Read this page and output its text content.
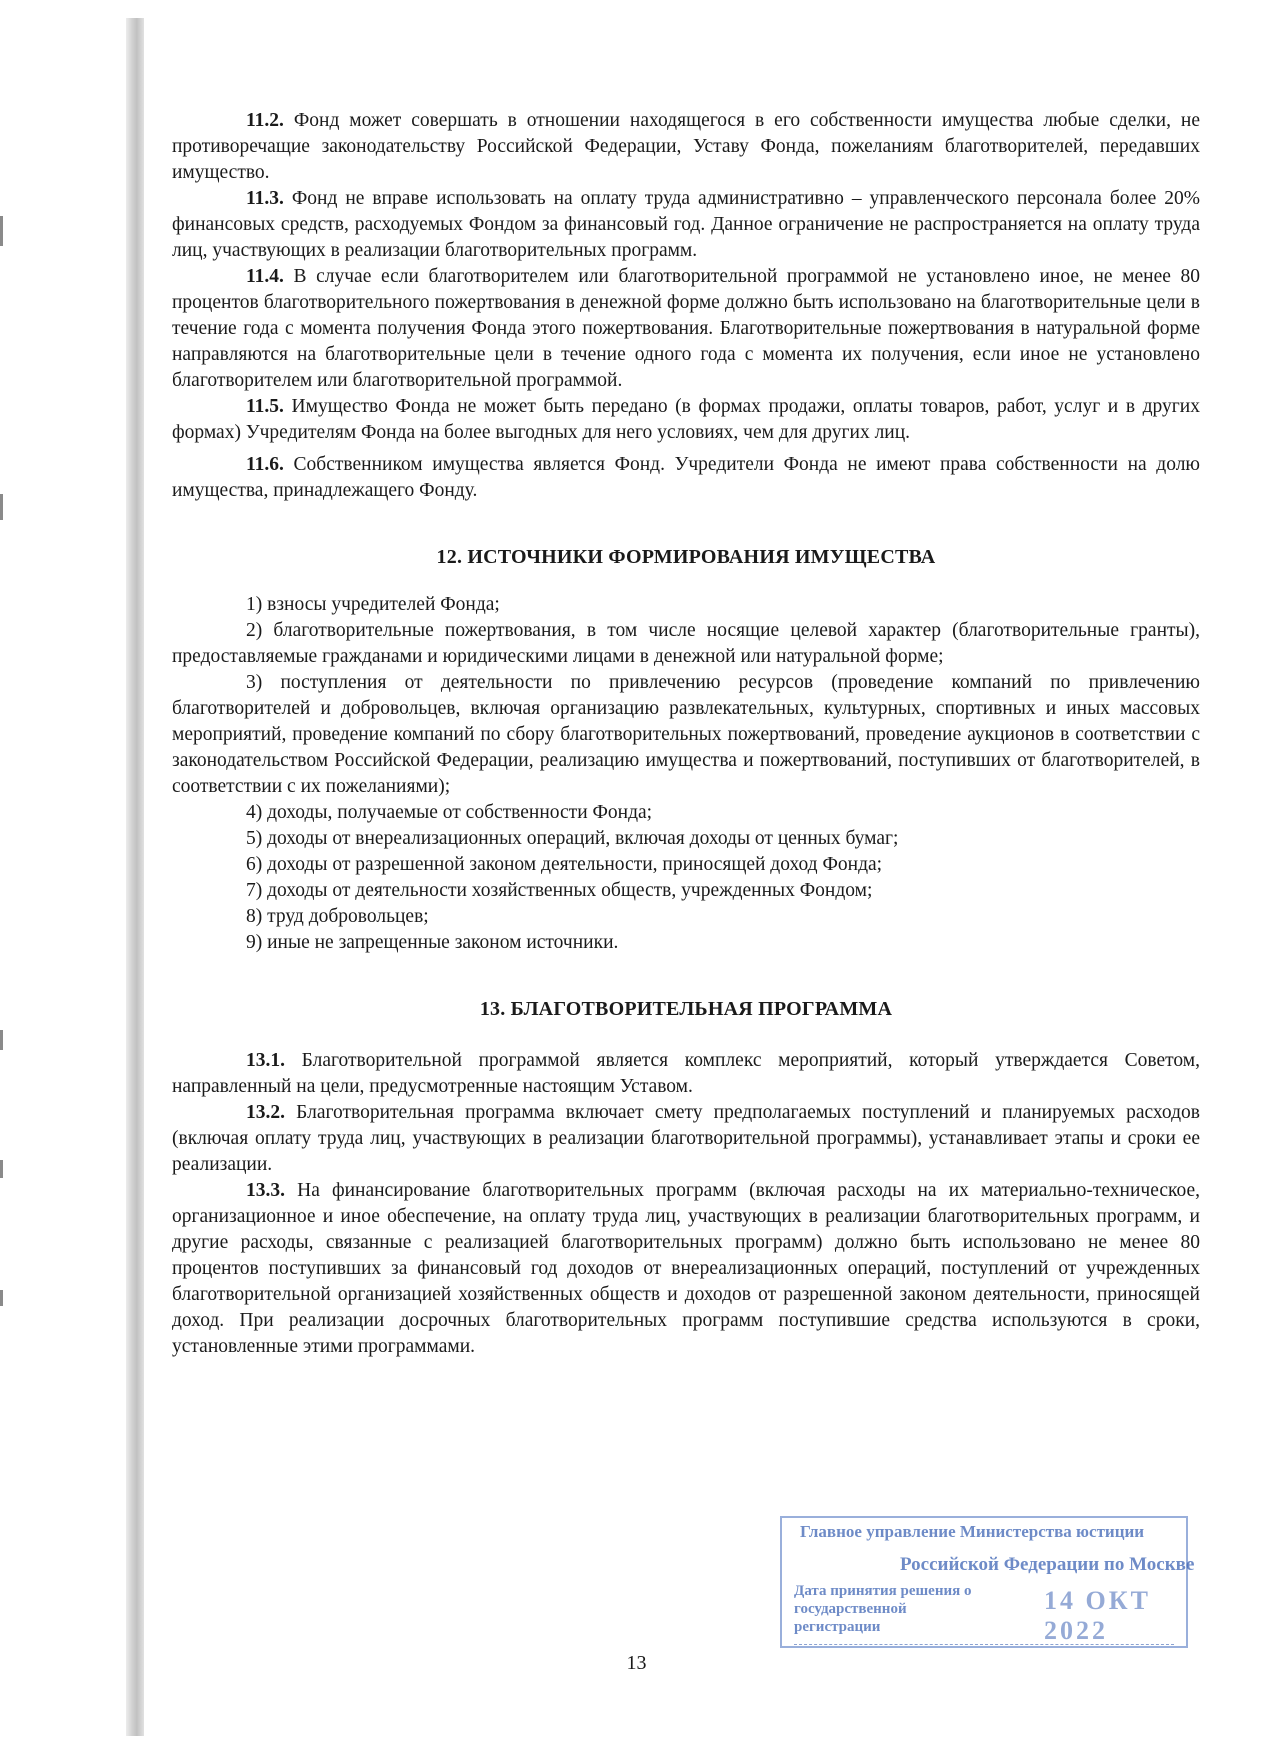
11.2. Фонд может совершать в отношении находящегося в его собственности имущества любые сделки, не противоречащие законодательству Российской Федерации, Уставу Фонда, пожеланиям благотворителей, передавших имущество.

11.3. Фонд не вправе использовать на оплату труда административно – управленческого персонала более 20% финансовых средств, расходуемых Фондом за финансовый год. Данное ограничение не распространяется на оплату труда лиц, участвующих в реализации благотворительных программ.

11.4. В случае если благотворителем или благотворительной программой не установлено иное, не менее 80 процентов благотворительного пожертвования в денежной форме должно быть использовано на благотворительные цели в течение года с момента получения Фонда этого пожертвования. Благотворительные пожертвования в натуральной форме направляются на благотворительные цели в течение одного года с момента их получения, если иное не установлено благотворителем или благотворительной программой.

11.5. Имущество Фонда не может быть передано (в формах продажи, оплаты товаров, работ, услуг и в других формах) Учредителям Фонда на более выгодных для него условиях, чем для других лиц.

11.6. Собственником имущества является Фонд. Учредители Фонда не имеют права собственности на долю имущества, принадлежащего Фонду.

12. ИСТОЧНИКИ ФОРМИРОВАНИЯ ИМУЩЕСТВА
1) взносы учредителей Фонда;
2) благотворительные пожертвования, в том числе носящие целевой характер (благотворительные гранты), предоставляемые гражданами и юридическими лицами в денежной или натуральной форме;
3) поступления от деятельности по привлечению ресурсов (проведение компаний по привлечению благотворителей и добровольцев, включая организацию развлекательных, культурных, спортивных и иных массовых мероприятий, проведение компаний по сбору благотворительных пожертвований, проведение аукционов в соответствии с законодательством Российской Федерации, реализацию имущества и пожертвований, поступивших от благотворителей, в соответствии с их пожеланиями);
4) доходы, получаемые от собственности Фонда;
5) доходы от внереализационных операций, включая доходы от ценных бумаг;
6) доходы от разрешенной законом деятельности, приносящей доход Фонда;
7) доходы от деятельности хозяйственных обществ, учрежденных Фондом;
8) труд добровольцев;
9) иные не запрещенные законом источники.
13. БЛАГОТВОРИТЕЛЬНАЯ ПРОГРАММА

13.1. Благотворительной программой является комплекс мероприятий, который утверждается Советом, направленный на цели, предусмотренные настоящим Уставом.

13.2. Благотворительная программа включает смету предполагаемых поступлений и планируемых расходов (включая оплату труда лиц, участвующих в реализации благотворительной программы), устанавливает этапы и сроки ее реализации.

13.3. На финансирование благотворительных программ (включая расходы на их материально-техническое, организационное и иное обеспечение, на оплату труда лиц, участвующих в реализации благотворительных программ, и другие расходы, связанные с реализацией благотворительных программ) должно быть использовано не менее 80 процентов поступивших за финансовый год доходов от внереализационных операций, поступлений от учрежденных благотворительной организацией хозяйственных обществ и доходов от разрешенной законом деятельности, приносящей доход. При реализации досрочных благотворительных программ поступившие средства используются в сроки, установленные этими программами.

Главное управление Министерства юстиции
Российской Федерации по Москве
Дата принятия решения о государственной регистрации
14 ОКТ 2022
13
